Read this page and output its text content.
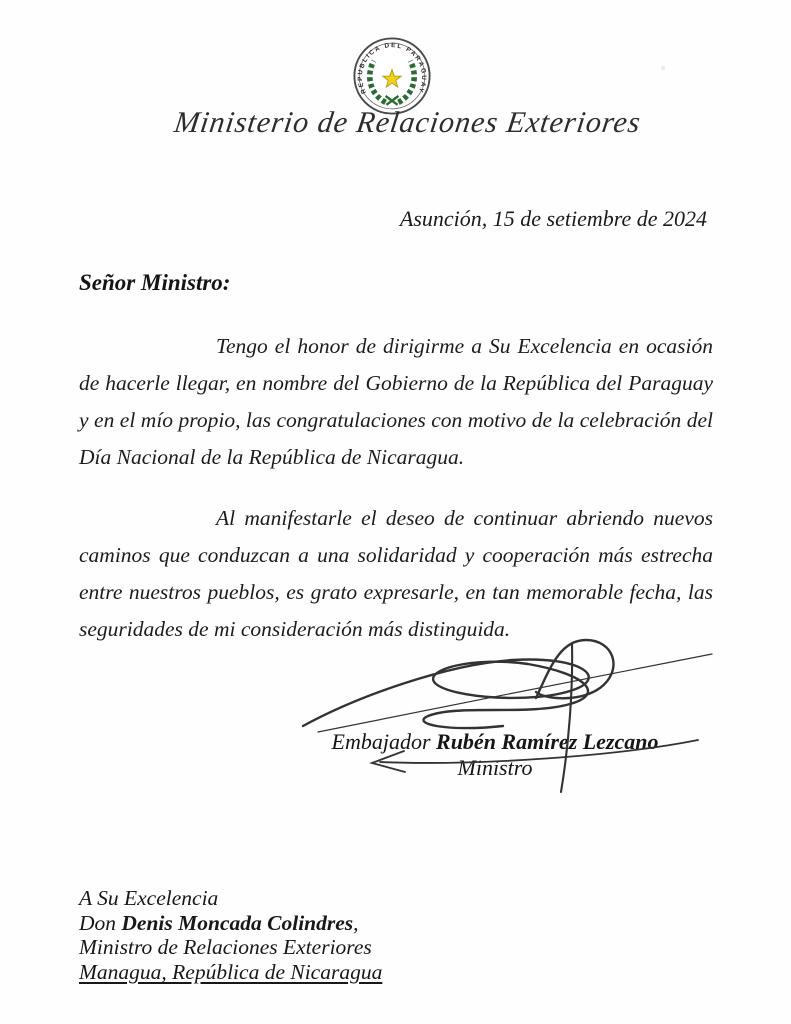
REPUBLICA DEL PARAGUAY
Ministerio de Relaciones Exteriores
Asunción, 15 de setiembre de 2024
Señor Ministro:

Tengo el honor de dirigirme a Su Excelencia en ocasión de hacerle llegar, en nombre del Gobierno de la República del Paraguay y en el mío propio, las congratulaciones con motivo de la celebración del Día Nacional de la República de Nicaragua.

Al manifestarle el deseo de continuar abriendo nuevos caminos que conduzcan a una solidaridad y cooperación más estrecha entre nuestros pueblos, es grato expresarle, en tan memorable fecha, las seguridades de mi consideración más distinguida.

Embajador Rubén Ramírez Lezcano
Ministro
A Su Excelencia
Don Denis Moncada Colindres,
Ministro de Relaciones Exteriores
Managua, República de Nicaragua
